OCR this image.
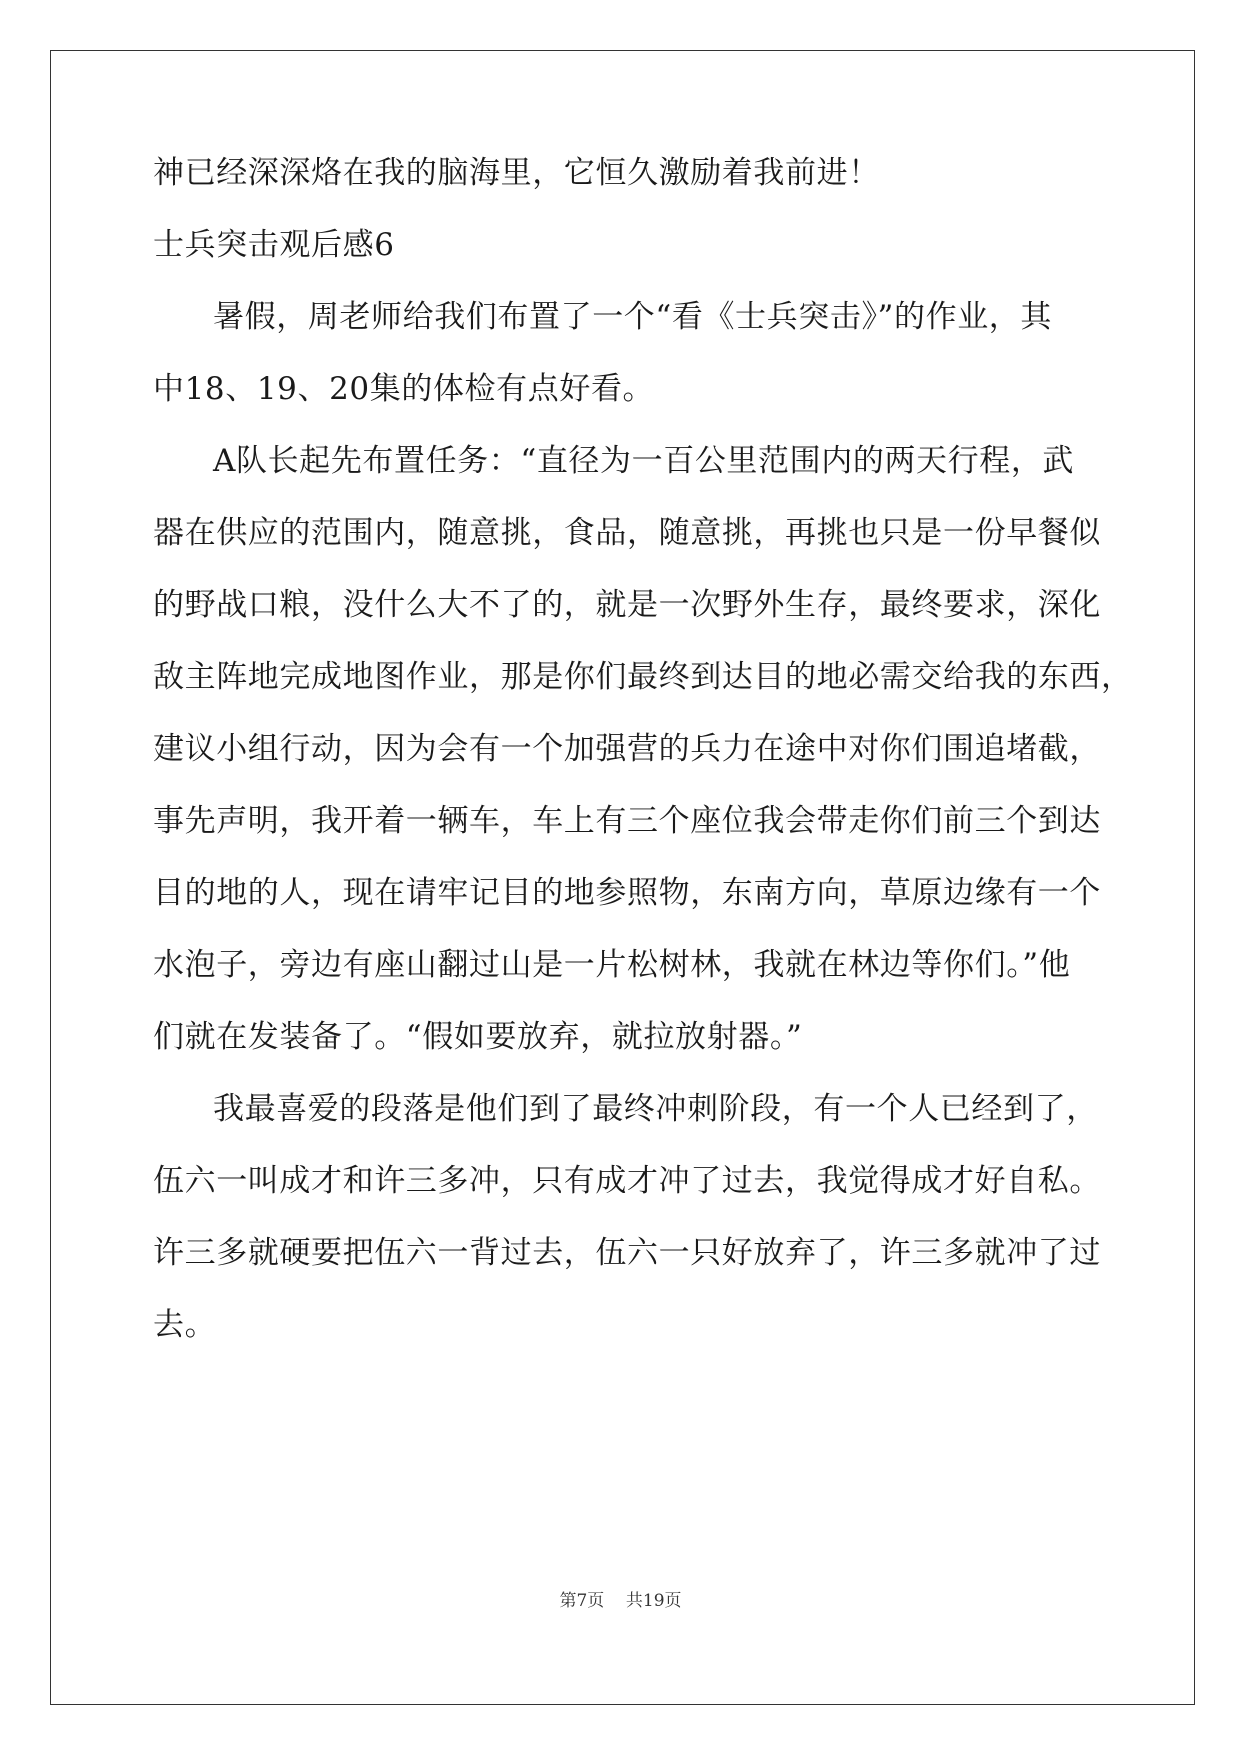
神已经深深烙在我的脑海里，它恒久激励着我前进！
士兵突击观后感6
暑假，周老师给我们布置了一个“看《士兵突击》”的作业，其
中18、19、20集的体检有点好看。
A队长起先布置任务：“直径为一百公里范围内的两天行程，武
器在供应的范围内，随意挑，食品，随意挑，再挑也只是一份早餐似
的野战口粮，没什么大不了的，就是一次野外生存，最终要求，深化
敌主阵地完成地图作业，那是你们最终到达目的地必需交给我的东西，
建议小组行动，因为会有一个加强营的兵力在途中对你们围追堵截，
事先声明，我开着一辆车，车上有三个座位我会带走你们前三个到达
目的地的人，现在请牢记目的地参照物，东南方向，草原边缘有一个
水泡子，旁边有座山翻过山是一片松树林，我就在林边等你们。”他
们就在发装备了。“假如要放弃，就拉放射器。”
我最喜爱的段落是他们到了最终冲刺阶段，有一个人已经到了，
伍六一叫成才和许三多冲，只有成才冲了过去，我觉得成才好自私。
许三多就硬要把伍六一背过去，伍六一只好放弃了，许三多就冲了过
去。
第7页 共19页
